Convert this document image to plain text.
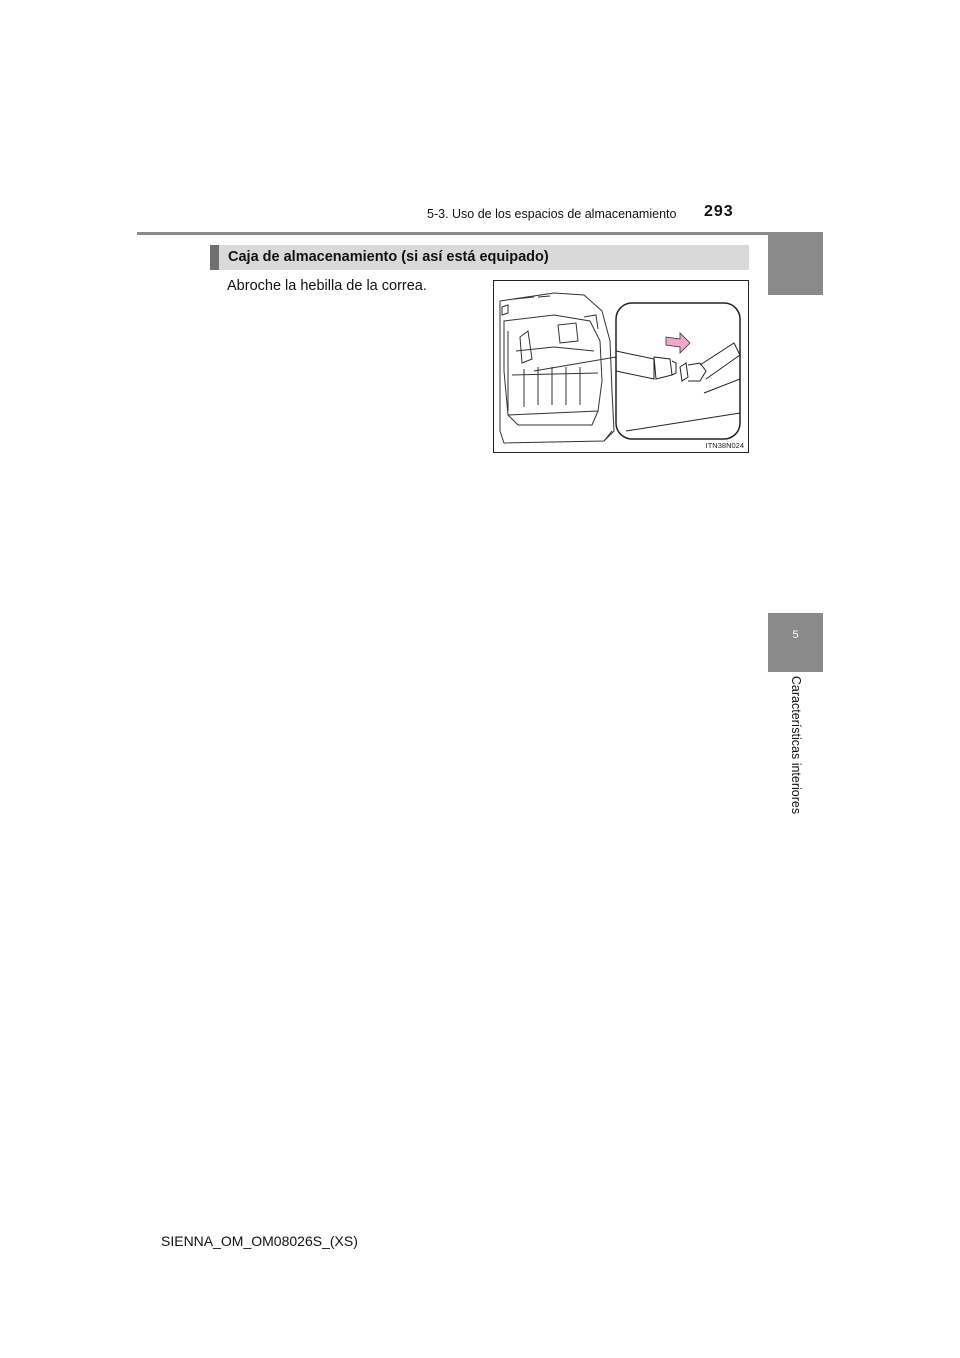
5-3. Uso de los espacios de almacenamiento 293
5
Características interiores
Caja de almacenamiento (si así está equipado)
Abroche la hebilla de la correa.
ITN38N024
SIENNA_OM_OM08026S_(XS)
